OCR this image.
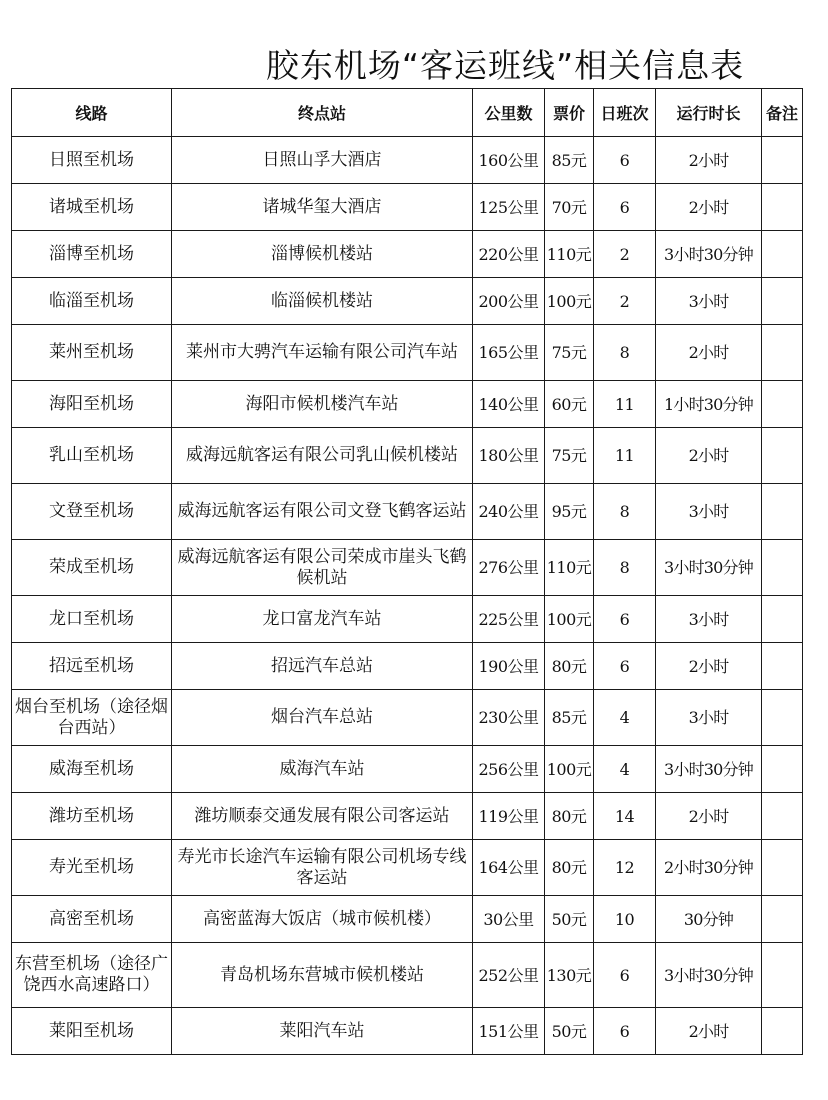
胶东机场“客运班线”相关信息表
线路	终点站	公里数	票价	日班次	运行时长	备注
日照至机场	日照山孚大酒店	160公里	85元	6	2小时	
诸城至机场	诸城华玺大酒店	125公里	70元	6	2小时	
淄博至机场	淄博候机楼站	220公里	110元	2	3小时30分钟	
临淄至机场	临淄候机楼站	200公里	100元	2	3小时	
莱州至机场	莱州市大骋汽车运输有限公司汽车站	165公里	75元	8	2小时	
海阳至机场	海阳市候机楼汽车站	140公里	60元	11	1小时30分钟	
乳山至机场	威海远航客运有限公司乳山候机楼站	180公里	75元	11	2小时	
文登至机场	威海远航客运有限公司文登飞鹤客运站	240公里	95元	8	3小时	
荣成至机场	威海远航客运有限公司荣成市崖头飞鹤候机站	276公里	110元	8	3小时30分钟	
龙口至机场	龙口富龙汽车站	225公里	100元	6	3小时	
招远至机场	招远汽车总站	190公里	80元	6	2小时	
烟台至机场（途径烟台西站）	烟台汽车总站	230公里	85元	4	3小时	
威海至机场	威海汽车站	256公里	100元	4	3小时30分钟	
潍坊至机场	潍坊顺泰交通发展有限公司客运站	119公里	80元	14	2小时	
寿光至机场	寿光市长途汽车运输有限公司机场专线客运站	164公里	80元	12	2小时30分钟	
高密至机场	高密蓝海大饭店（城市候机楼）	30公里	50元	10	30分钟	
东营至机场（途径广饶西水高速路口）	青岛机场东营城市候机楼站	252公里	130元	6	3小时30分钟	
莱阳至机场	莱阳汽车站	151公里	50元	6	2小时	
